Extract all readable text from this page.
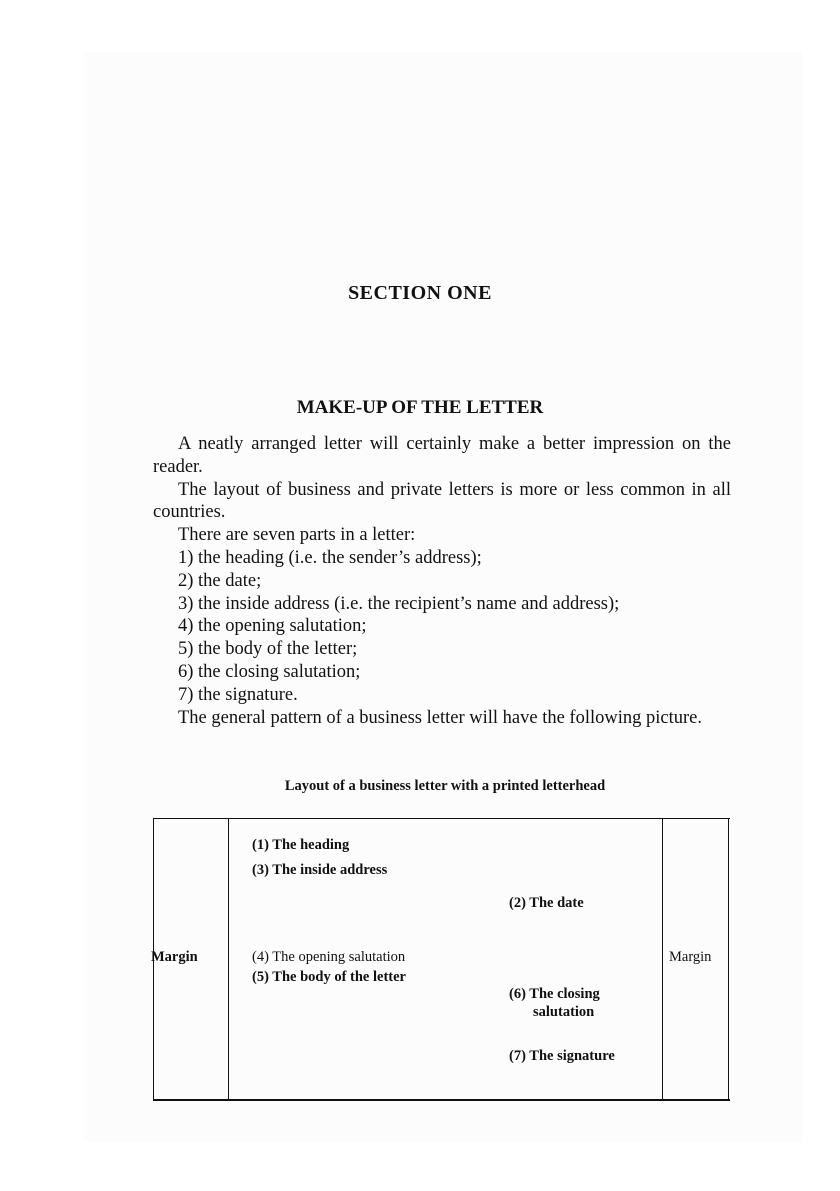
SECTION ONE
MAKE-UP OF THE LETTER

A neatly arranged letter will certainly make a better impression on the reader.

The layout of business and private letters is more or less common in all countries.

There are seven parts in a letter:

1) the heading (i.e. the sender’s address);

2) the date;

3) the inside address (i.e. the recipient’s name and address);

4) the opening salutation;

5) the body of the letter;

6) the closing salutation;

7) the signature.

The general pattern of a business letter will have the following picture.

Layout of a business letter with a printed letterhead
(1) The heading
(3) The inside address
(2) The date
Margin	Margin
(4) The opening salutation
(5) The body of the letter
(6) The closing
salutation
(7) The signature
